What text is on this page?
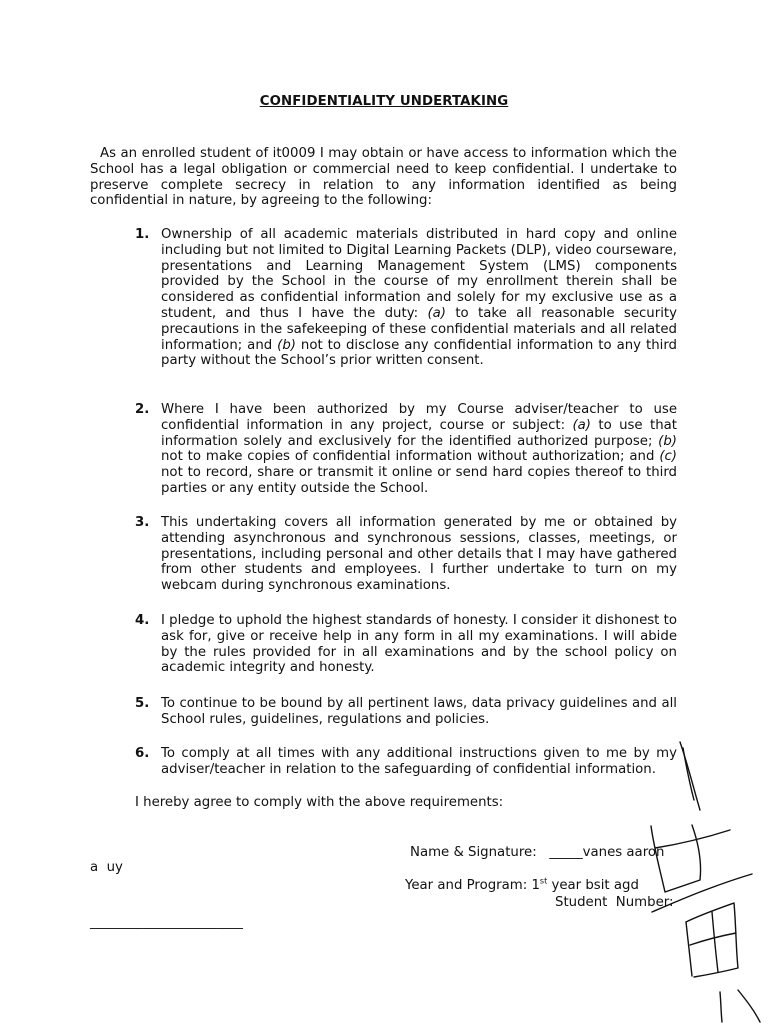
CONFIDENTIALITY UNDERTAKING
As an enrolled student of it0009 I may obtain or have access to information which the School has a legal obligation or commercial need to keep confidential. I undertake to preserve complete secrecy in relation to any information identified as being confidential in nature, by agreeing to the following:
1. Ownership of all academic materials distributed in hard copy and online including but not limited to Digital Learning Packets (DLP), video courseware, presentations and Learning Management System (LMS) components provided by the School in the course of my enrollment therein shall be considered as confidential information and solely for my exclusive use as a student, and thus I have the duty: (a) to take all reasonable security precautions in the safekeeping of these confidential materials and all related information; and (b) not to disclose any confidential information to any third party without the School’s prior written consent.
2. Where I have been authorized by my Course adviser/teacher to use confidential information in any project, course or subject: (a) to use that information solely and exclusively for the identified authorized purpose; (b) not to make copies of confidential information without authorization; and (c) not to record, share or transmit it online or send hard copies thereof to third parties or any entity outside the School.
3. This undertaking covers all information generated by me or obtained by attending asynchronous and synchronous sessions, classes, meetings, or presentations, including personal and other details that I may have gathered from other students and employees. I further undertake to turn on my webcam during synchronous examinations.
4. I pledge to uphold the highest standards of honesty. I consider it dishonest to ask for, give or receive help in any form in all my examinations. I will abide by the rules provided for in all examinations and by the school policy on academic integrity and honesty.
5. To continue to be bound by all pertinent laws, data privacy guidelines and all School rules, guidelines, regulations and policies.
6. To comply at all times with any additional instructions given to me by my adviser/teacher in relation to the safeguarding of confidential information.
I hereby agree to comply with the above requirements:
Name & Signature: _____vanes aaron
a  uy
Year and Program: 1st year bsit agd
Student  Number:
_______________________
